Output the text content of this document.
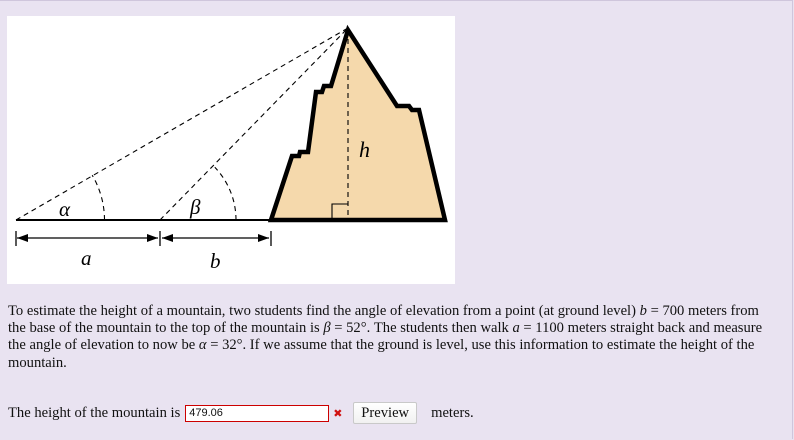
α	β
h
a	b
To estimate the height of a mountain, two students find the angle of elevation from a point (at ground level) b = 700 meters from the base of the mountain to the top of the mountain is β = 52°. The students then walk a = 1100 meters straight back and measure the angle of elevation to now be α = 32°. If we assume that the ground is level, use this information to estimate the height of the mountain.
The height of the mountain is
479.06	✖	Preview	meters.
